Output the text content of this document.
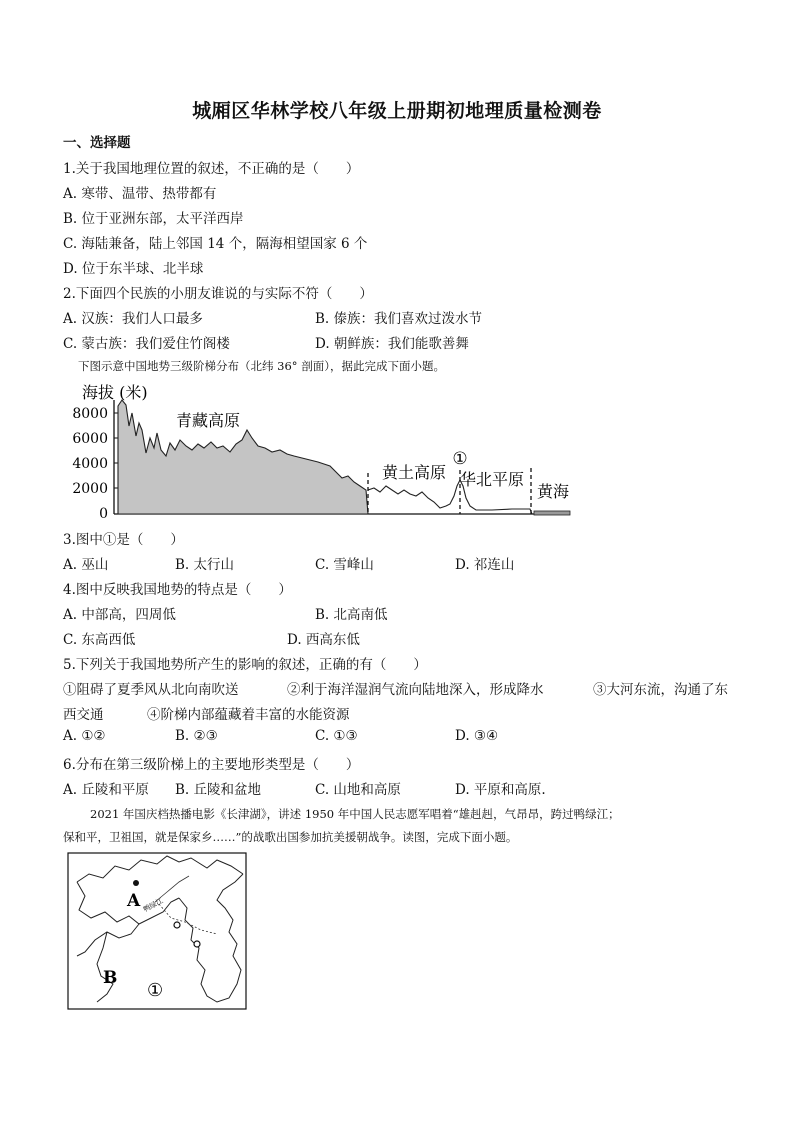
城厢区华林学校八年级上册期初地理质量检测卷
一、选择题
1.关于我国地理位置的叙述，不正确的是（　　）
A. 寒带、温带、热带都有
B. 位于亚洲东部，太平洋西岸
C. 海陆兼备，陆上邻国 14 个，隔海相望国家 6 个
D. 位于东半球、北半球
2.下面四个民族的小朋友谁说的与实际不符（　　）
A. 汉族：我们人口最多	B. 傣族：我们喜欢过泼水节
C. 蒙古族：我们爱住竹阁楼	D. 朝鲜族：我们能歌善舞
下图示意中国地势三级阶梯分布（北纬 36° 剖面），据此完成下面小题。
海拔 (米)
8000
6000
4000
2000
0
青藏高原
黄土高原
①
华北平原
黄海
3.图中①是（　　）
A. 巫山	B. 太行山	C. 雪峰山	D. 祁连山
4.图中反映我国地势的特点是（　　）
A. 中部高，四周低	B. 北高南低
C. 东高西低	D. 西高东低
5.下列关于我国地势所产生的影响的叙述，正确的有（　　）
①阻碍了夏季风从北向南吹送	②利于海洋湿润气流向陆地深入，形成降水	③大河东流，沟通了东
西交通	④阶梯内部蕴藏着丰富的水能资源
A. ①②	B. ②③	C. ①③	D. ③④
6.分布在第三级阶梯上的主要地形类型是（　　）
A. 丘陵和平原 B. 丘陵和盆地	C. 山地和高原	D. 平原和高原.
2021 年国庆档热播电影《长津湖》，讲述 1950 年中国人民志愿军唱着“雄赳赳，气昂昂，跨过鸭绿江；
保和平，卫祖国，就是保家乡……”的战歌出国参加抗美援朝战争。读图，完成下面小题。
A
B
①
鸭绿江
